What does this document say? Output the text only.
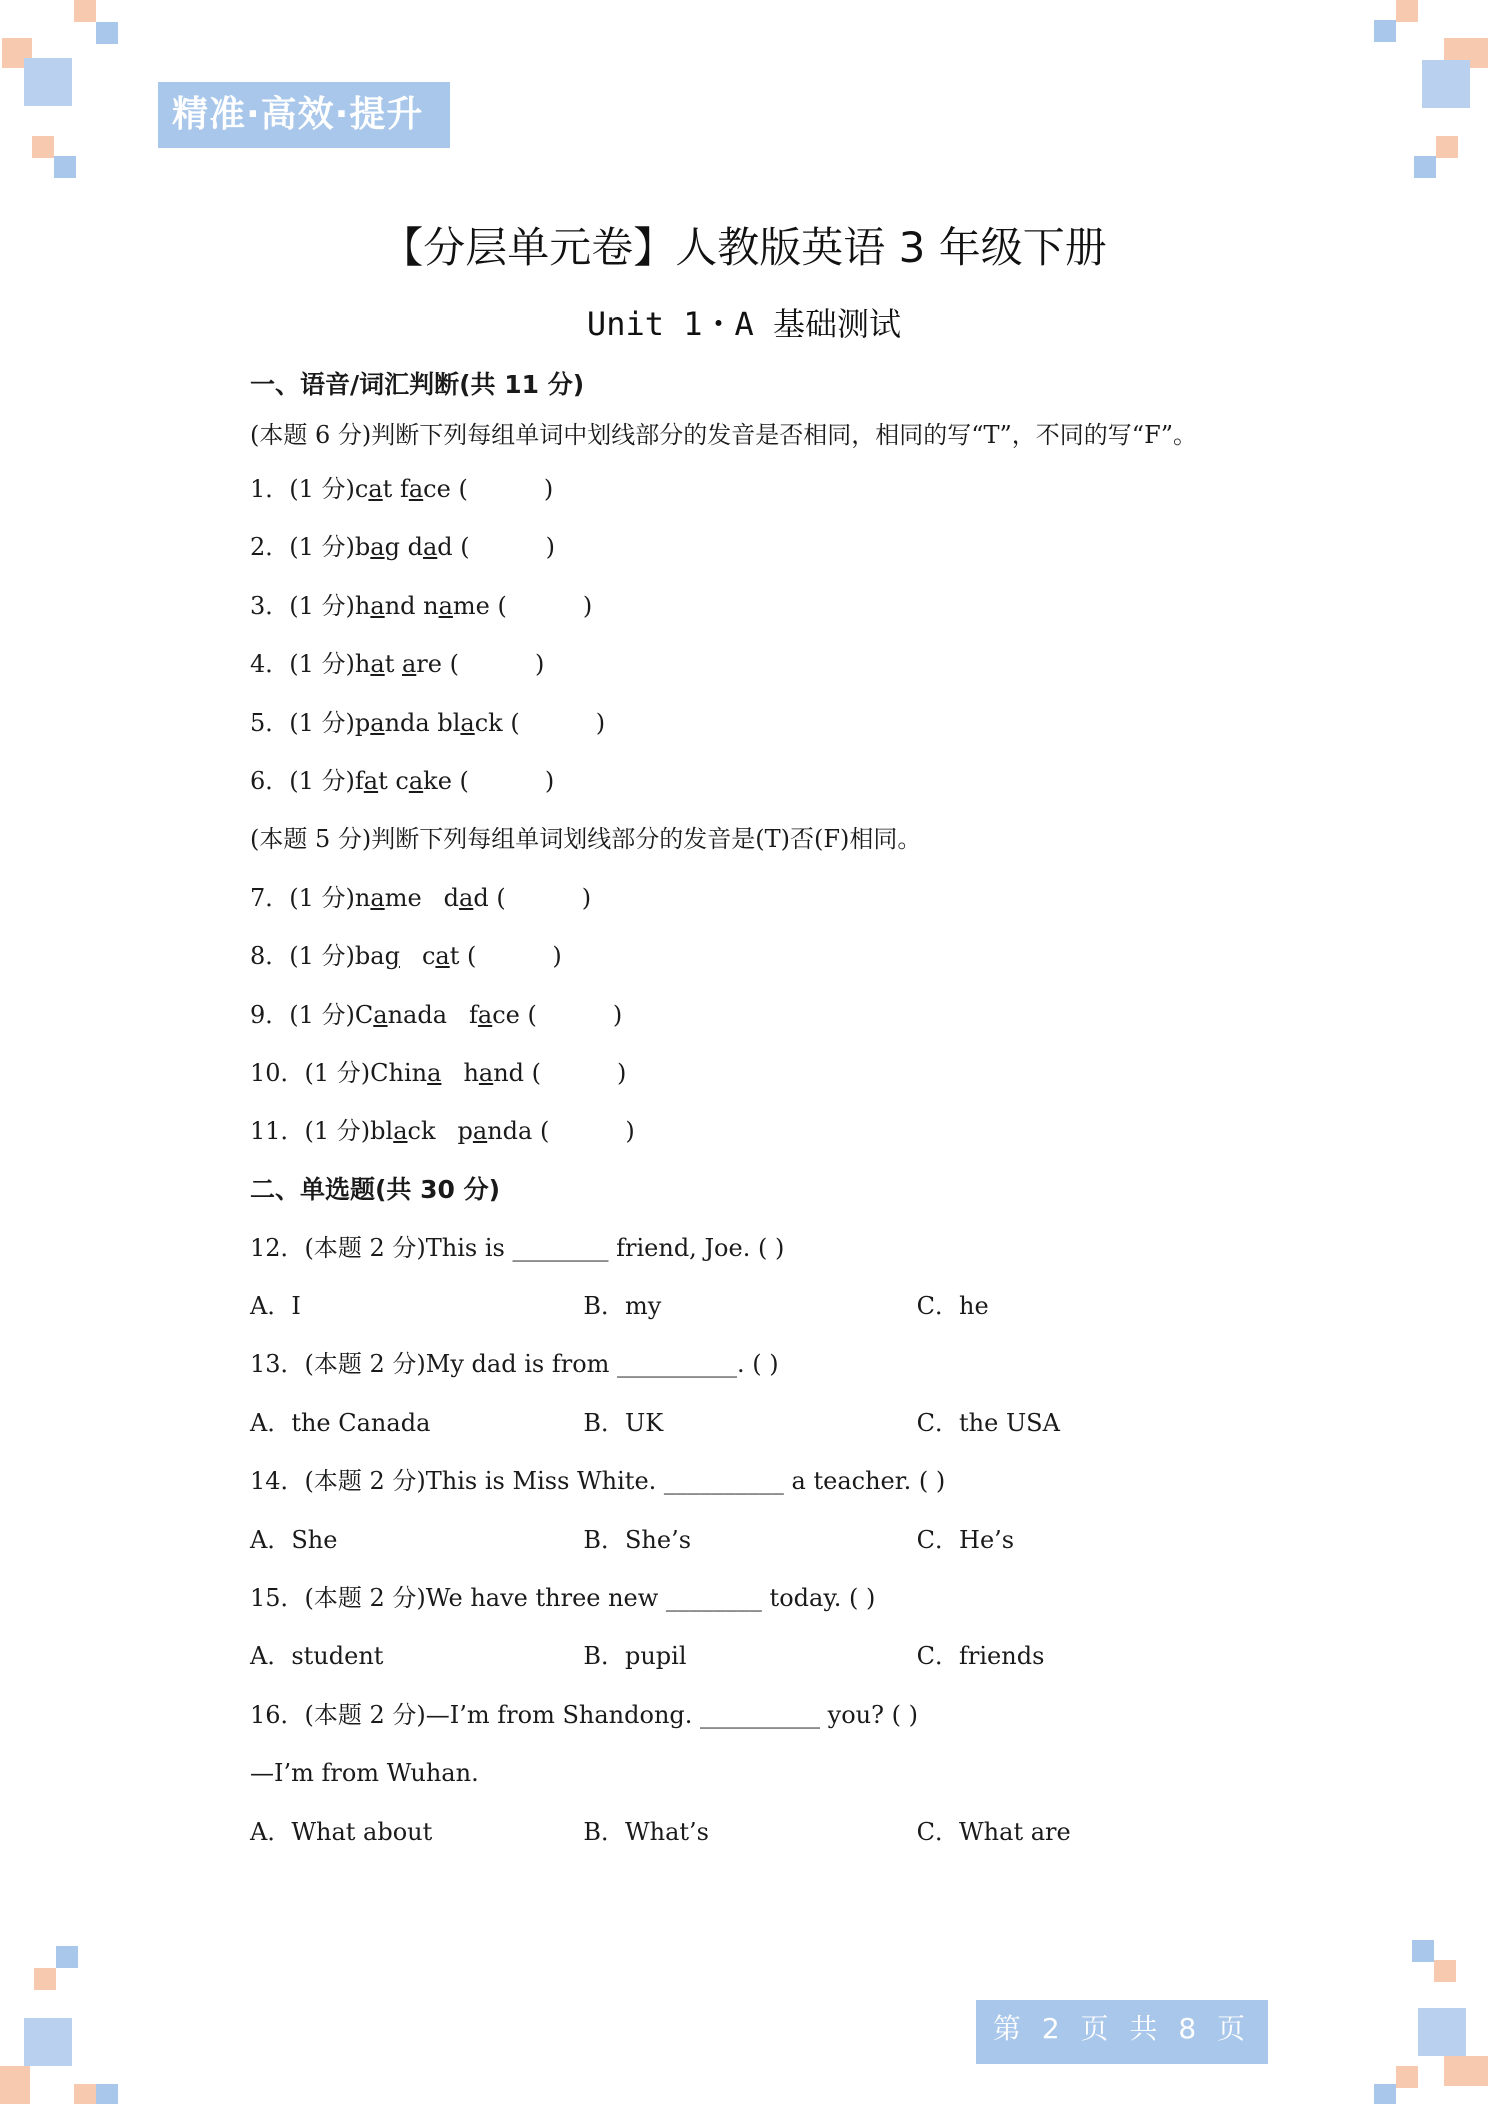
精准·高效·提升
【分层单元卷】人教版英语 3 年级下册
Unit 1・A 基础测试
一、语音/词汇判断(共 11 分)
(本题 6 分)判断下列每组单词中划线部分的发音是否相同，相同的写“T”，不同的写“F”。
1．(1 分)cat face (	)
2．(1 分)bag dad (	)
3．(1 分)hand name (	)
4．(1 分)hat are (	)
5．(1 分)panda black (	)
6．(1 分)fat cake (	)
(本题 5 分)判断下列每组单词划线部分的发音是(T)否(F)相同。
7．(1 分)name dad (	)
8．(1 分)bag cat (	)
9．(1 分)Canada face (	)
10．(1 分)China hand (	)
11．(1 分)black panda (	)
二、单选题(共 30 分)
12．(本题 2 分)This is ________ friend, Joe. ( )
A．I	B．my	C．he
13．(本题 2 分)My dad is from __________. ( )
A．the Canada	B．UK	C．the USA
14．(本题 2 分)This is Miss White. __________ a teacher. ( )
A．She	B．She’s	C．He’s
15．(本题 2 分)We have three new ________ today. ( )
A．student	B．pupil	C．friends
16．(本题 2 分)—I’m from Shandong. __________ you? ( )
—I’m from Wuhan.
A．What about	B．What’s	C．What are
第 2 页 共 8 页
